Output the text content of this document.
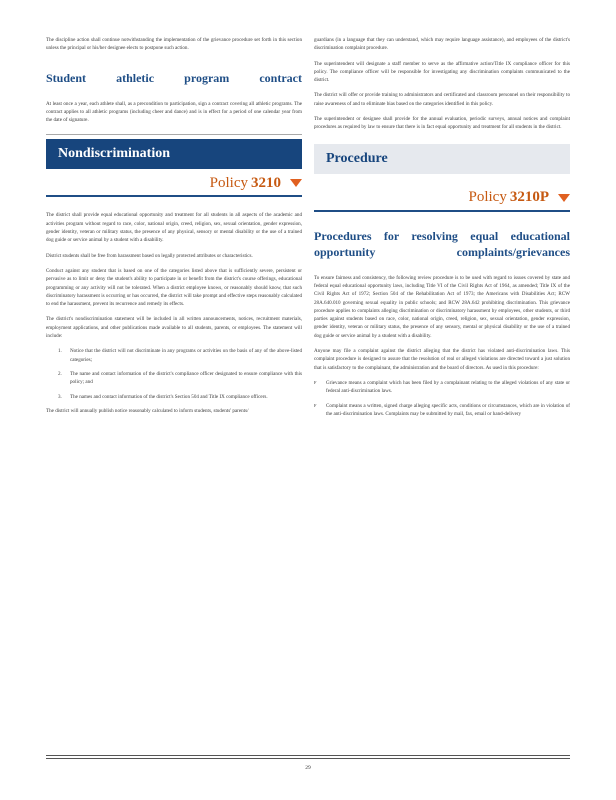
The discipline action shall continue notwithstanding the implementation of the grievance procedure set forth in this section unless the principal or his/her designee elects to postpone such action.

Student athletic program contract

At least once a year, each athlete shall, as a precondition to participation, sign a contract covering all athletic programs. The contract applies to all athletic programs (including cheer and dance) and is in effect for a period of one calendar year from the date of signature.

Nondiscrimination
Policy 3210

The district shall provide equal educational opportunity and treatment for all students in all aspects of the academic and activities program without regard to race, color, national origin, creed, religion, sex, sexual orientation, gender expression, gender identity, veteran or military status, the presence of any physical, sensory or mental disability or the use of a trained dog guide or service animal by a student with a disability.

District students shall be free from harassment based on legally protected attributes or characteristics.

Conduct against any student that is based on one of the categories listed above that is sufficiently severe, persistent or pervasive as to limit or deny the student's ability to participate in or benefit from the district's course offerings, educational programming or any activity will not be tolerated. When a district employee knows, or reasonably should know, that such discriminatory harassment is occurring or has occurred, the district will take prompt and effective steps reasonably calculated to end the harassment, prevent its recurrence and remedy its effects.

The district's nondiscrimination statement will be included in all written announcements, notices, recruitment materials, employment applications, and other publications made available to all students, parents, or employees. The statement will include:

1.	Notice that the district will not discriminate in any programs or activities on the basis of any of the above-listed categories;
2.	The name and contact information of the district's compliance officer designated to ensure compliance with this policy; and
3.	The names and contact information of the district's Section 504 and Title IX compliance officers.

The district will annually publish notice reasonably calculated to inform students, students' parents/

guardians (in a language that they can understand, which may require language assistance), and employees of the district's discrimination complaint procedure.

The superintendent will designate a staff member to serve as the affirmative action/Title IX compliance officer for this policy. The compliance officer will be responsible for investigating any discrimination complaints communicated to the district.

The district will offer or provide training to administrators and certificated and classroom personnel on their responsibility to raise awareness of and to eliminate bias based on the categories identified in this policy.

The superintendent or designee shall provide for the annual evaluation, periodic surveys, annual notices and complaint procedures as required by law to ensure that there is in fact equal opportunity and treatment for all students in the district.

Procedure
Policy 3210P
Procedures for resolving equal educational opportunity complaints/grievances

To ensure fairness and consistency, the following review procedure is to be used with regard to issues covered by state and federal equal educational opportunity laws, including Title VI of the Civil Rights Act of 1964, as amended; Title IX of the Civil Rights Act of 1972; Section 504 of the Rehabilitation Act of 1973; the Americans with Disabilities Act; RCW 28A.640.010 governing sexual equality in public schools; and RCW 28A.642 prohibiting discrimination. This grievance procedure applies to complaints alleging discrimination or discriminatory harassment by employees, other students, or third parties against students based on race, color, national origin, creed, religion, sex, sexual orientation, gender expression, gender identity, veteran or military status, the presence of any sensory, mental or physical disability or the use of a trained dog guide or service animal by a student with a disability.

Anyone may file a complaint against the district alleging that the district has violated anti-discrimination laws. This complaint procedure is designed to assure that the resolution of real or alleged violations are directed toward a just solution that is satisfactory to the complainant, the administration and the board of directors. As used in this procedure:

F	Grievance means a complaint which has been filed by a complainant relating to the alleged violations of any state or federal anti-discrimination laws.
F	Complaint means a written, signed charge alleging specific acts, conditions or circumstances, which are in violation of the anti-discrimination laws. Complaints may be submitted by mail, fax, email or hand-delivery
29
